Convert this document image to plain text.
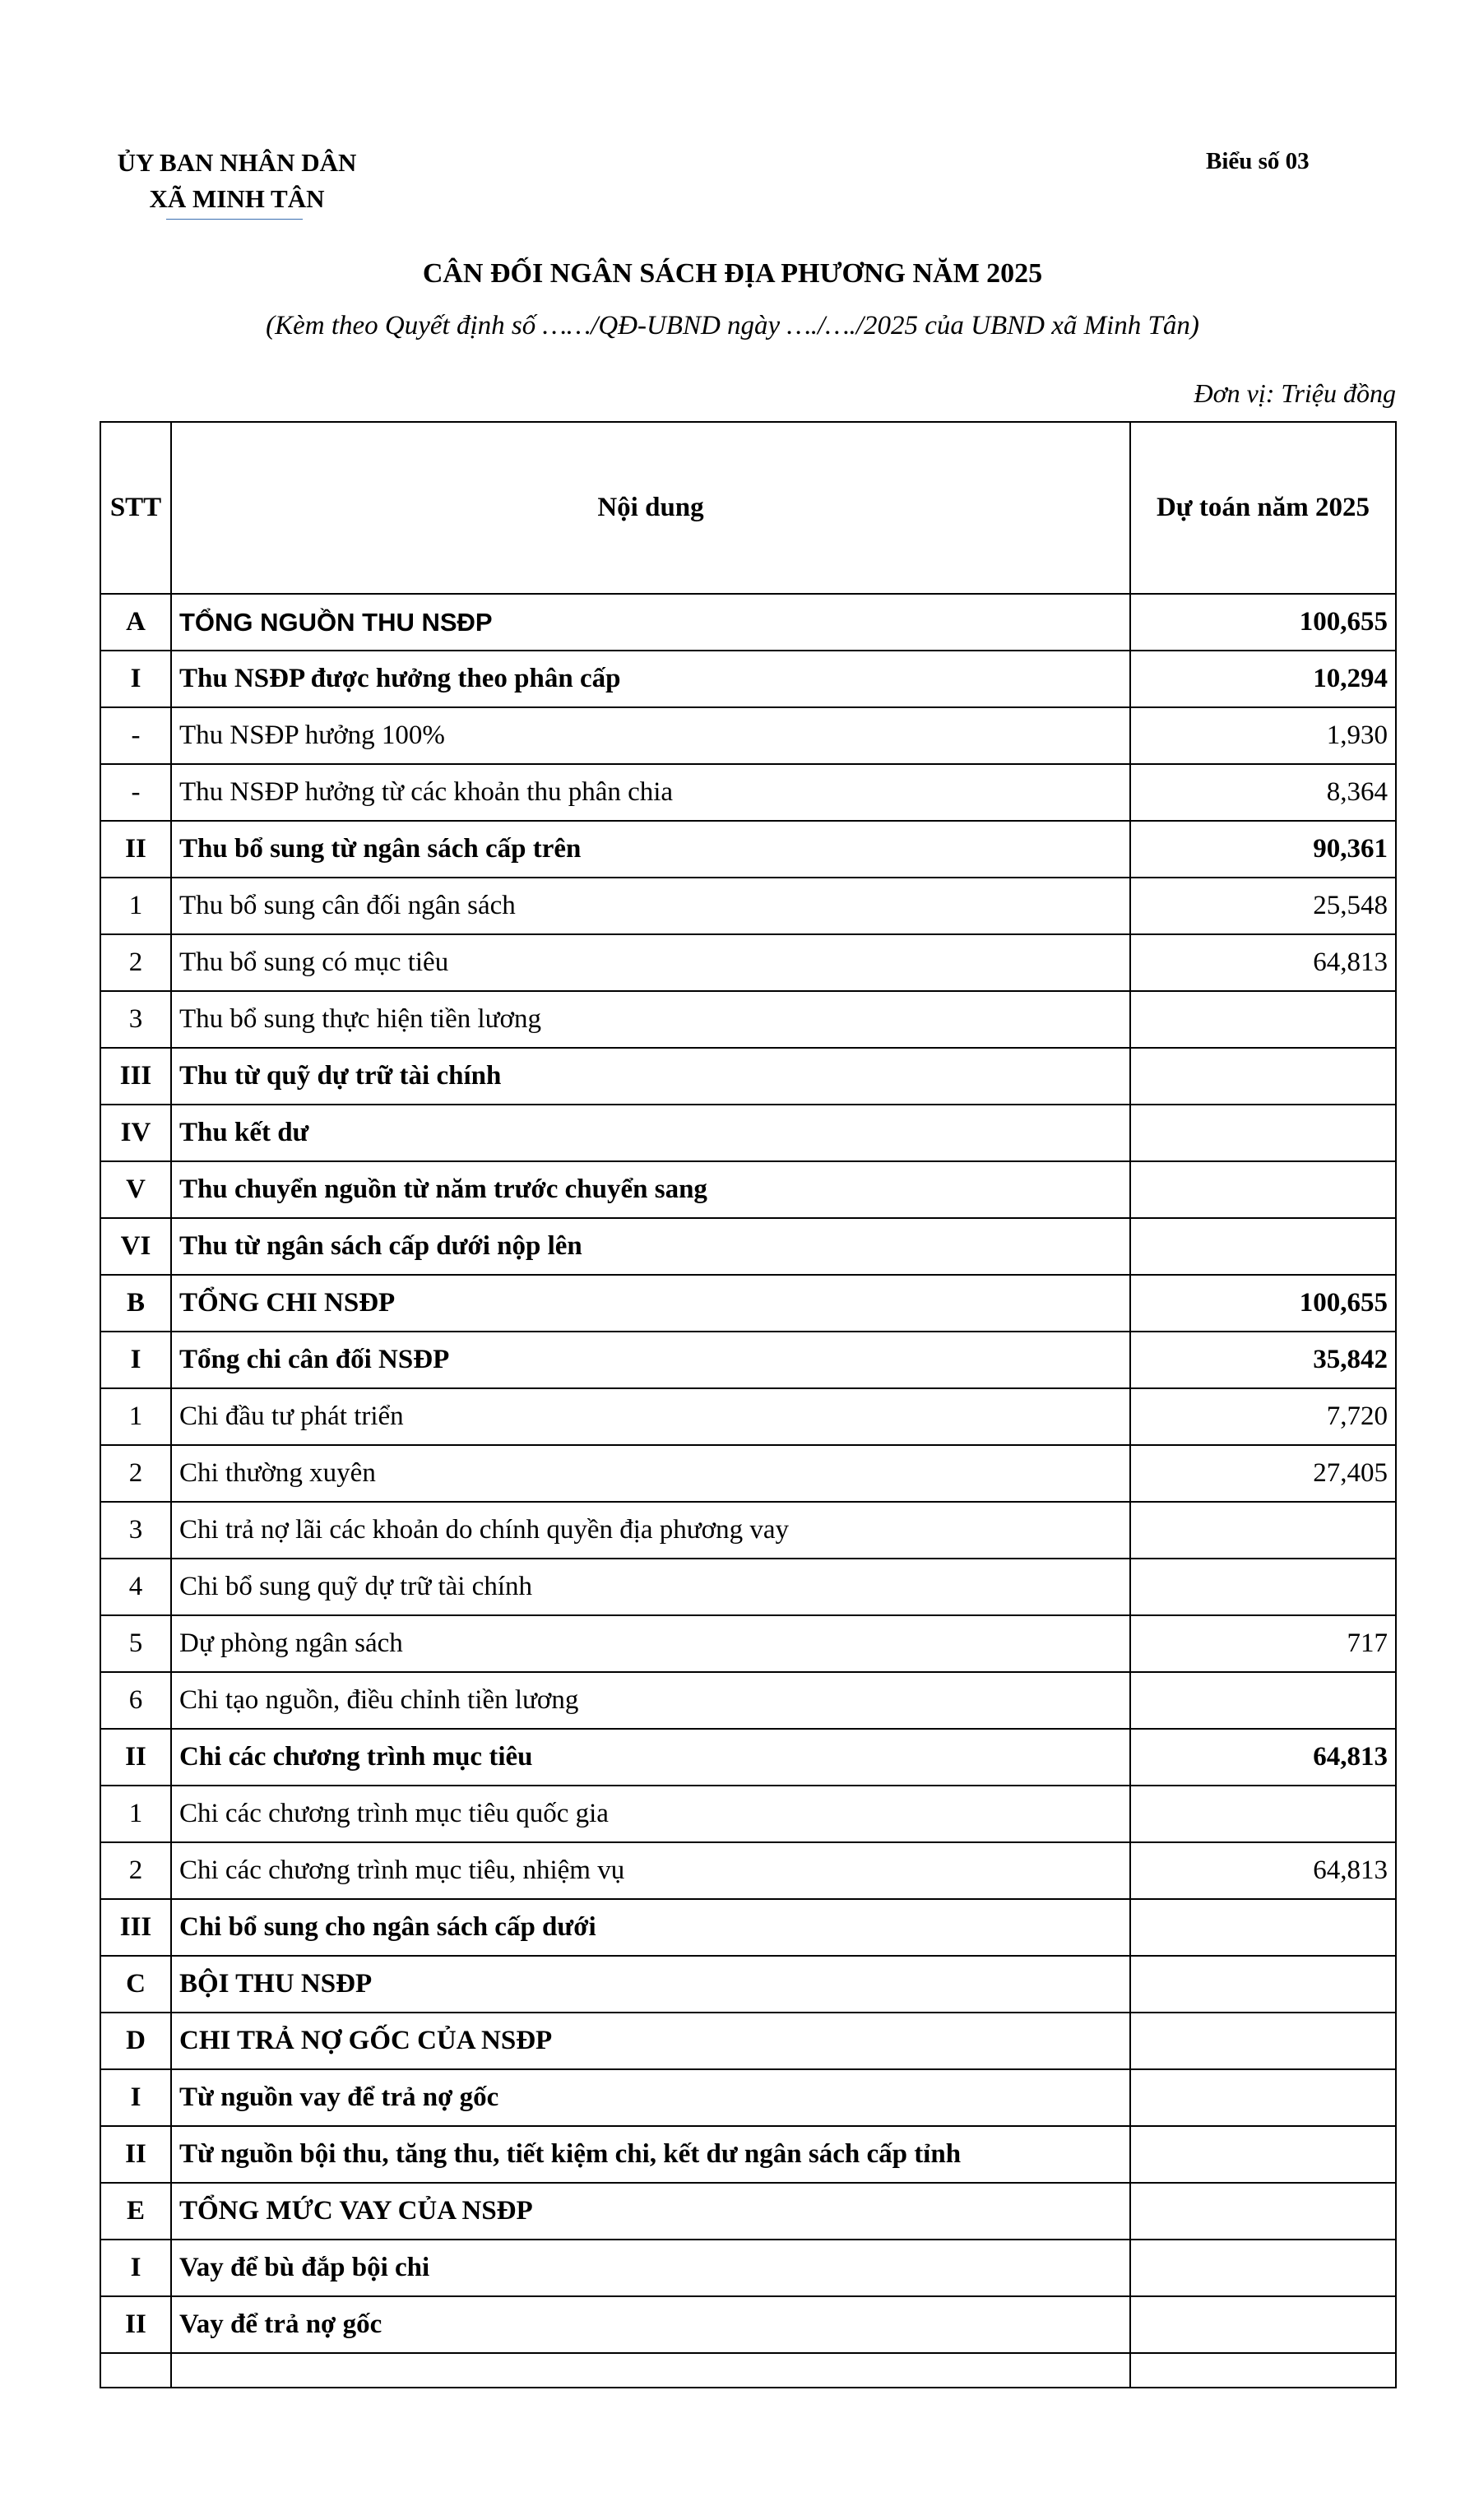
ỦY BAN NHÂN DÂN
XÃ MINH TÂN
Biểu số 03
CÂN ĐỐI NGÂN SÁCH ĐỊA PHƯƠNG NĂM 2025
(Kèm theo Quyết định số ……/QĐ-UBND ngày …./…./2025 của UBND xã Minh Tân)
Đơn vị: Triệu đồng
STT	Nội dung	Dự toán năm 2025
A	TỔNG NGUỒN THU NSĐP	100,655
I	Thu NSĐP được hưởng theo phân cấp	10,294
-	Thu NSĐP hưởng 100%	1,930
-	Thu NSĐP hưởng từ các khoản thu phân chia	8,364
II	Thu bổ sung từ ngân sách cấp trên	90,361
1	Thu bổ sung cân đối ngân sách	25,548
2	Thu bổ sung có mục tiêu	64,813
3	Thu bổ sung thực hiện tiền lương	
III	Thu từ quỹ dự trữ tài chính	
IV	Thu kết dư	
V	Thu chuyển nguồn từ năm trước chuyển sang	
VI	Thu từ ngân sách cấp dưới nộp lên	
B	TỔNG CHI NSĐP	100,655
I	Tổng chi cân đối NSĐP	35,842
1	Chi đầu tư phát triển	7,720
2	Chi thường xuyên	27,405
3	Chi trả nợ lãi các khoản do chính quyền địa phương vay	
4	Chi bổ sung quỹ dự trữ tài chính	
5	Dự phòng ngân sách	717
6	Chi tạo nguồn, điều chỉnh tiền lương	
II	Chi các chương trình mục tiêu	64,813
1	Chi các chương trình mục tiêu quốc gia	
2	Chi các chương trình mục tiêu, nhiệm vụ	64,813
III	Chi bổ sung cho ngân sách cấp dưới	
C	BỘI THU NSĐP	
D	CHI TRẢ NỢ GỐC CỦA NSĐP	
I	Từ nguồn vay để trả nợ gốc	
II	Từ nguồn bội thu, tăng thu, tiết kiệm chi, kết dư ngân sách cấp tỉnh	
E	TỔNG MỨC VAY CỦA NSĐP	
I	Vay để bù đắp bội chi	
II	Vay để trả nợ gốc	
